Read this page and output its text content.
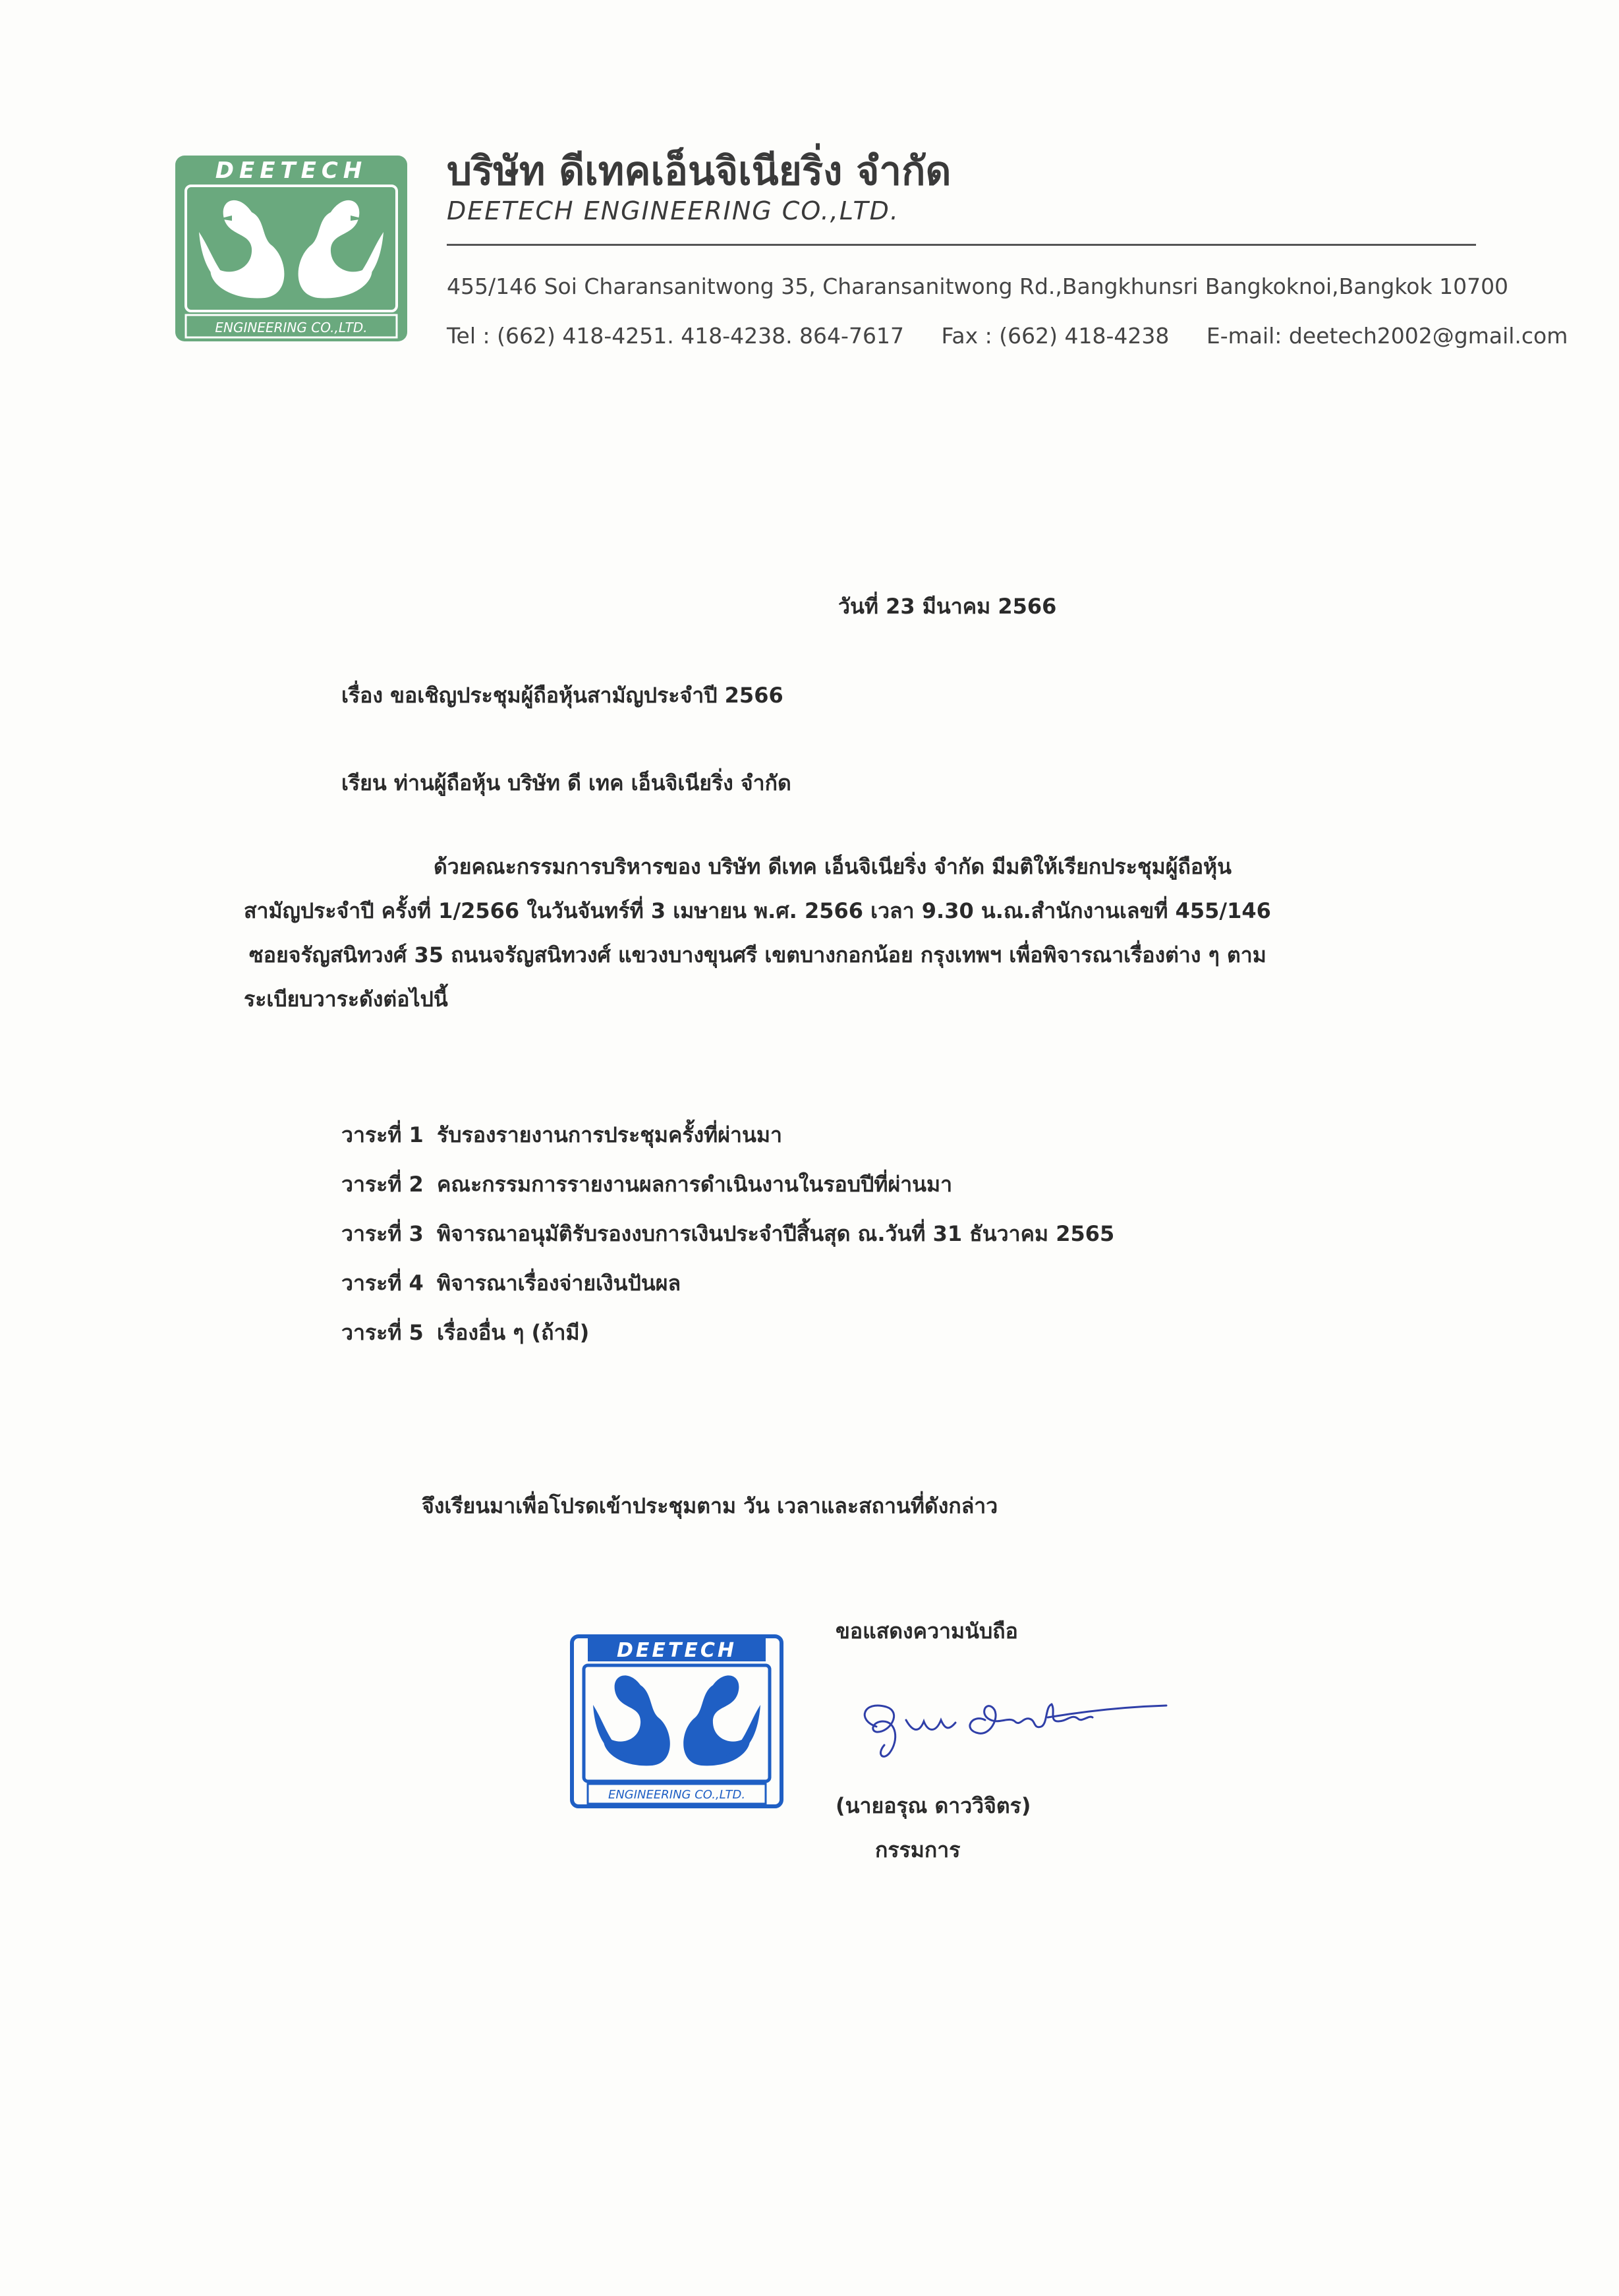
DEETECH
ENGINEERING CO.,LTD.
บริษัท ดีเทคเอ็นจิเนียริ่ง จำกัด
DEETECH ENGINEERING CO.,LTD.
455/146 Soi Charansanitwong 35, Charansanitwong Rd.,Bangkhunsri Bangkoknoi,Bangkok 10700
Tel : (662) 418-4251. 418-4238. 864-7617 Fax : (662) 418-4238 E-mail: deetech2002@gmail.com
วันที่ 23 มีนาคม 2566
เรื่อง ขอเชิญประชุมผู้ถือหุ้นสามัญประจำปี 2566
เรียน ท่านผู้ถือหุ้น บริษัท ดี เทค เอ็นจิเนียริ่ง จำกัด
ด้วยคณะกรรมการบริหารของ บริษัท ดีเทค เอ็นจิเนียริ่ง จำกัด มีมติให้เรียกประชุมผู้ถือหุ้น
สามัญประจำปี ครั้งที่ 1/2566 ในวันจันทร์ที่ 3 เมษายน พ.ศ. 2566 เวลา 9.30 น.ณ.สำนักงานเลขที่ 455/146
ซอยจรัญสนิทวงศ์ 35 ถนนจรัญสนิทวงศ์ แขวงบางขุนศรี เขตบางกอกน้อย กรุงเทพฯ เพื่อพิจารณาเรื่องต่าง ๆ ตาม
ระเบียบวาระดังต่อไปนี้
วาระที่ 1 รับรองรายงานการประชุมครั้งที่ผ่านมา
วาระที่ 2 คณะกรรมการรายงานผลการดำเนินงานในรอบปีที่ผ่านมา
วาระที่ 3 พิจารณาอนุมัติรับรองงบการเงินประจำปีสิ้นสุด ณ.วันที่ 31 ธันวาคม 2565
วาระที่ 4 พิจารณาเรื่องจ่ายเงินปันผล
วาระที่ 5 เรื่องอื่น ๆ (ถ้ามี)
จึงเรียนมาเพื่อโปรดเข้าประชุมตาม วัน เวลาและสถานที่ดังกล่าว
ขอแสดงความนับถือ
DEETECH
ENGINEERING CO.,LTD.	(นายอรุณ ดาววิจิตร)
กรรมการ
